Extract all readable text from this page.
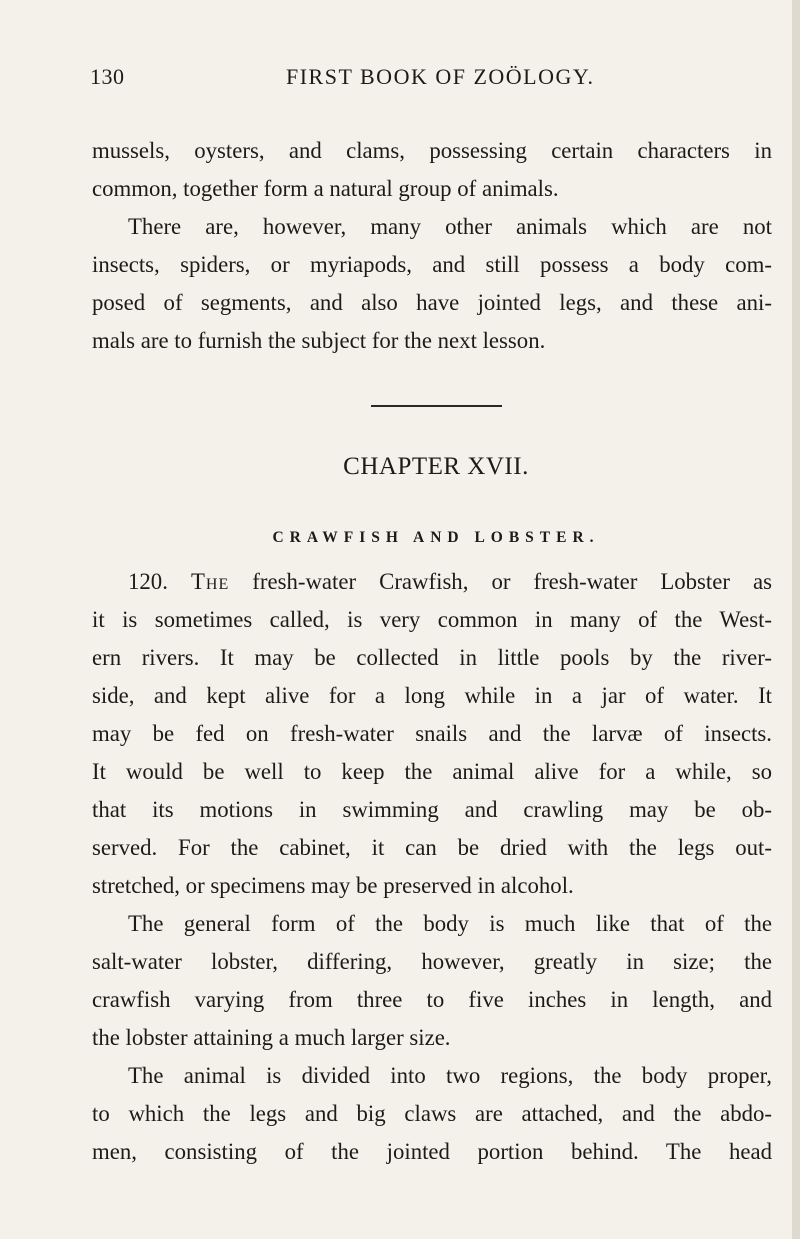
130	FIRST BOOK OF ZOÖLOGY.
mussels, oysters, and clams, possessing certain characters in
common, together form a natural group of animals.
There are, however, many other animals which are not
insects, spiders, or myriapods, and still possess a body com-
posed of segments, and also have jointed legs, and these ani-
mals are to furnish the subject for the next lesson.
120. The fresh-water Crawfish, or fresh-water Lobster as
it is sometimes called, is very common in many of the West-
ern rivers. It may be collected in little pools by the river-
side, and kept alive for a long while in a jar of water. It
may be fed on fresh-water snails and the larvæ of insects.
It would be well to keep the animal alive for a while, so
that its motions in swimming and crawling may be ob-
served. For the cabinet, it can be dried with the legs out-
stretched, or specimens may be preserved in alcohol.
The general form of the body is much like that of the
salt-water lobster, differing, however, greatly in size; the
crawfish varying from three to five inches in length, and
the lobster attaining a much larger size.
The animal is divided into two regions, the body proper,
to which the legs and big claws are attached, and the abdo-
men, consisting of the jointed portion behind. The head
CHAPTER XVII.
CRAWFISH AND LOBSTER.
